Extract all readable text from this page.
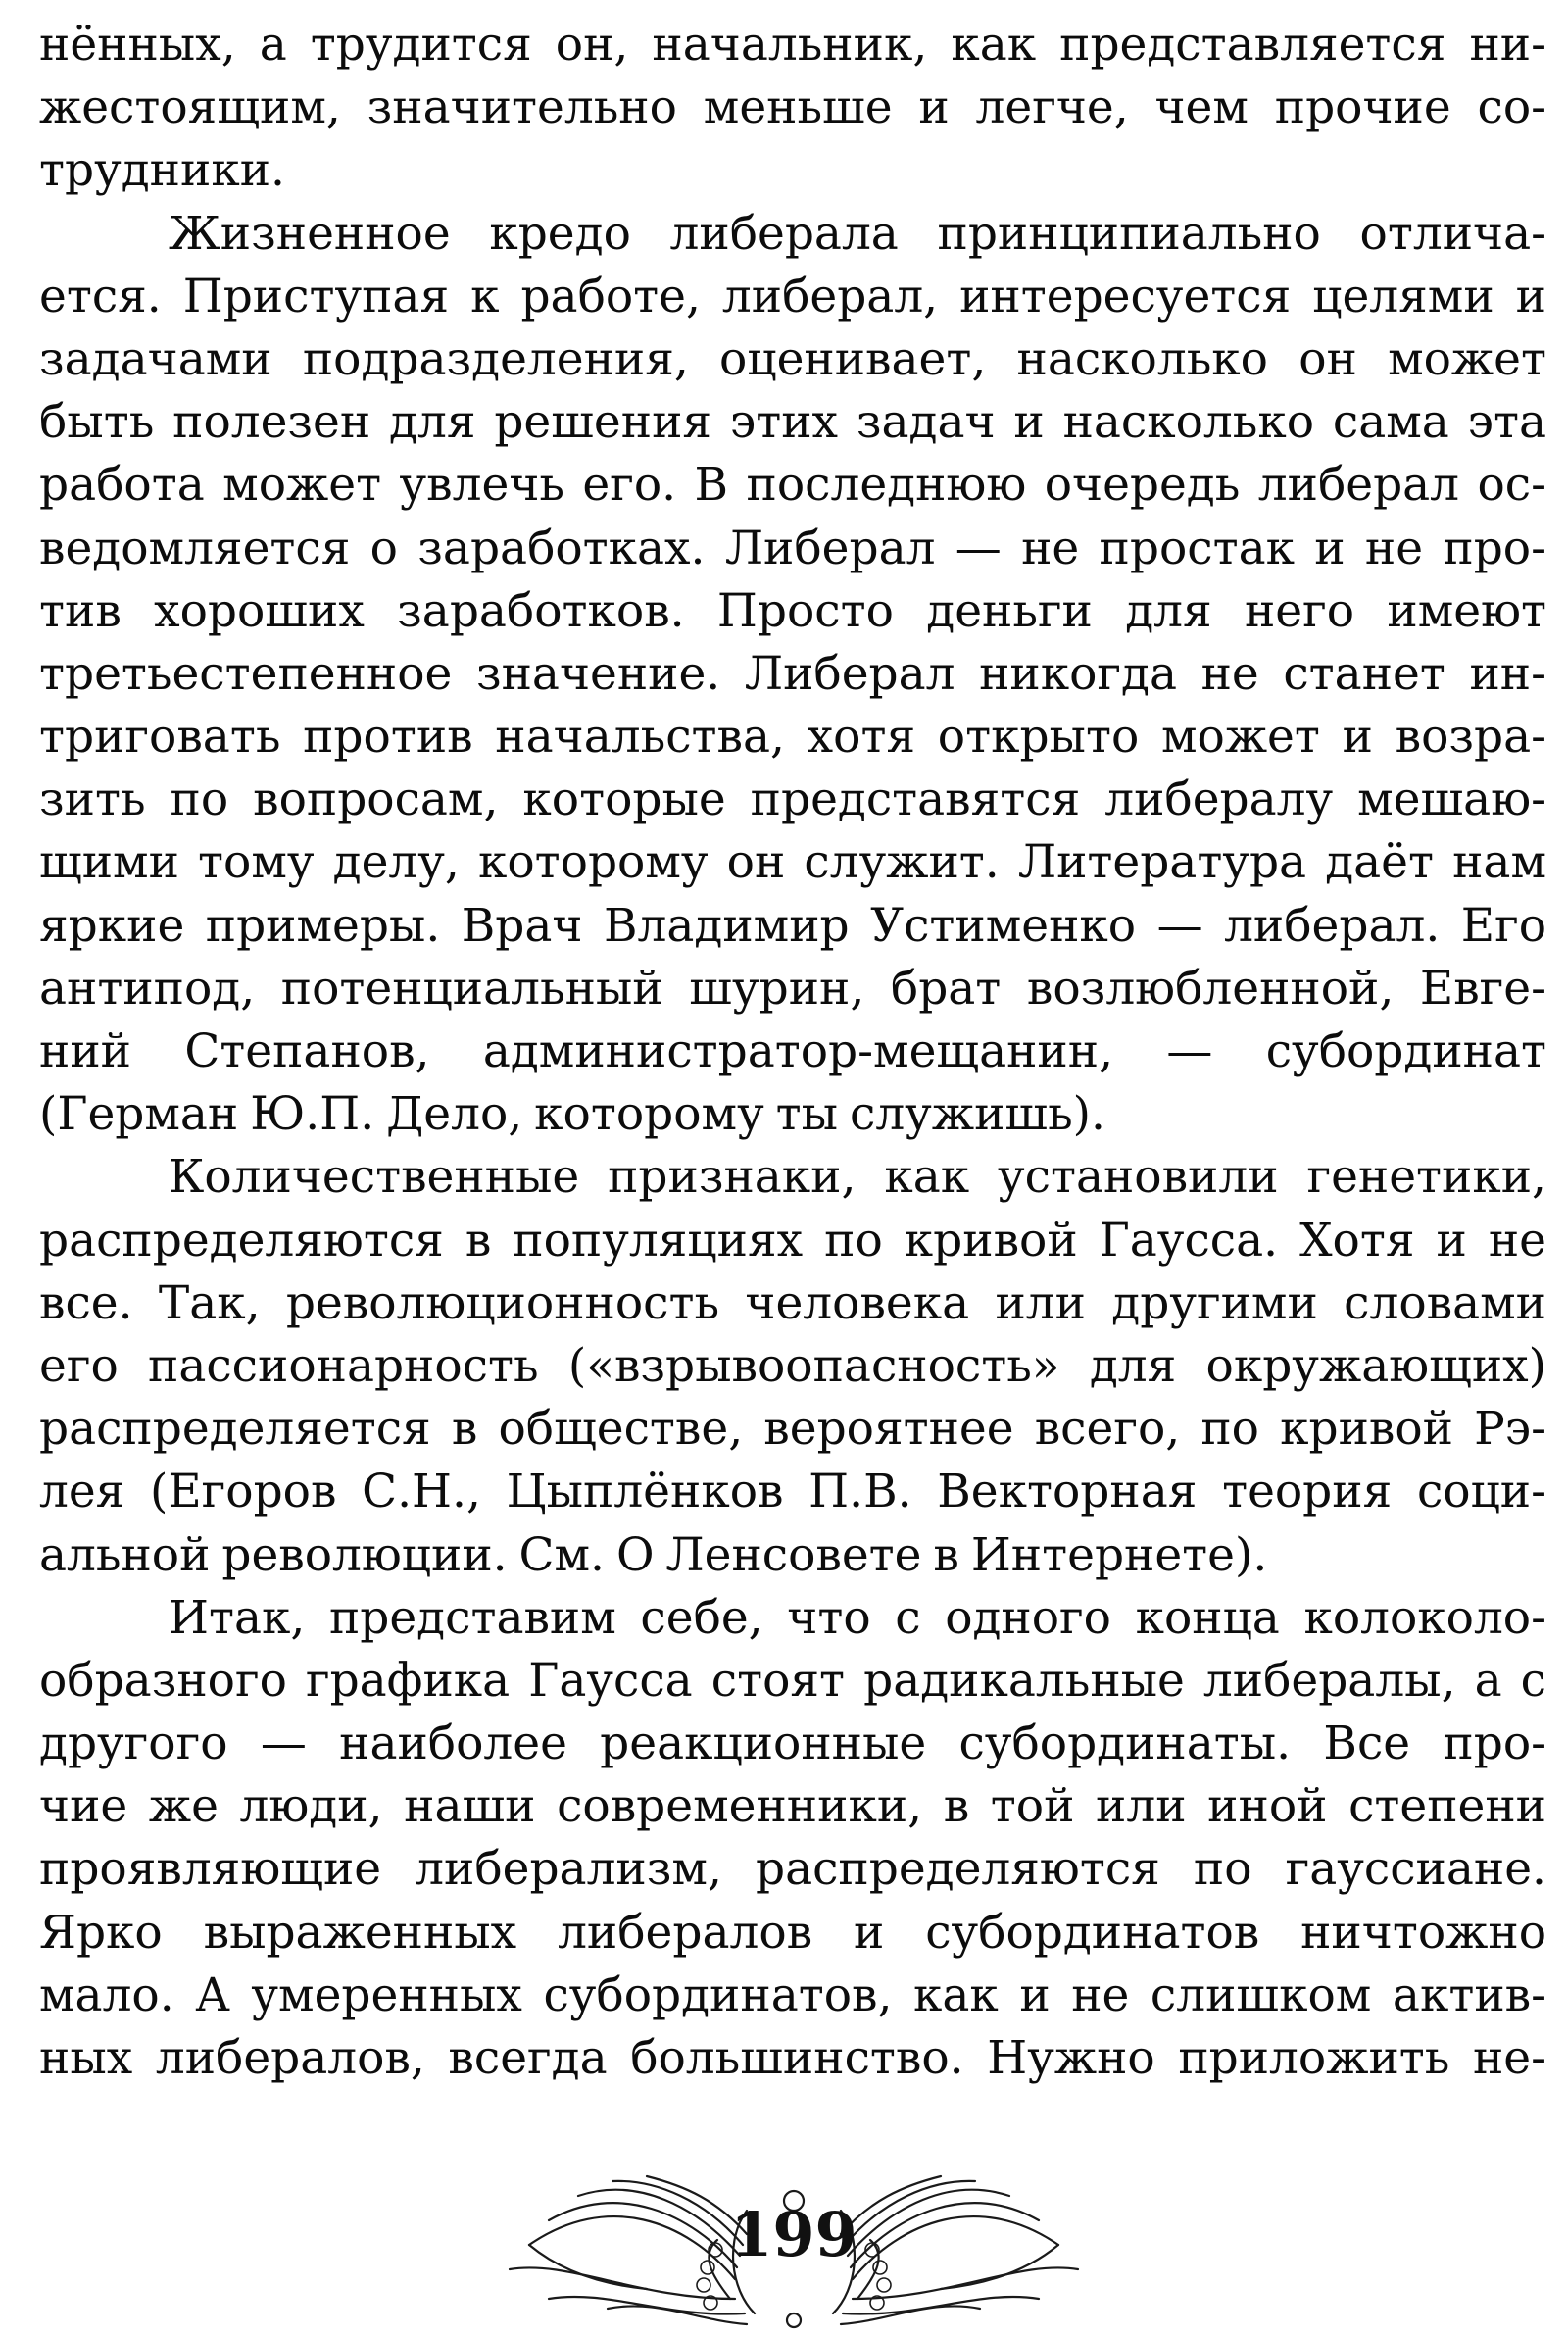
нённых, а трудится он, начальник, как представляется ни-
жестоящим, значительно меньше и легче, чем прочие со-
трудники.
Жизненное кредо либерала принципиально отлича-
ется. Приступая к работе, либерал, интересуется целями и
задачами подразделения, оценивает, насколько он может
быть полезен для решения этих задач и насколько сама эта
работа может увлечь его. В последнюю очередь либерал ос-
ведомляется о заработках. Либерал — не простак и не про-
тив хороших заработков. Просто деньги для него имеют
третьестепенное значение. Либерал никогда не станет ин-
триговать против начальства, хотя открыто может и возра-
зить по вопросам, которые представятся либералу мешаю-
щими тому делу, которому он служит. Литература даёт нам
яркие примеры. Врач Владимир Устименко — либерал. Его
антипод, потенциальный шурин, брат возлюбленной, Евге-
ний Степанов, администратор-мещанин, — субординат
(Герман Ю.П. Дело, которому ты служишь).
Количественные признаки, как установили генетики,
распределяются в популяциях по кривой Гаусса. Хотя и не
все. Так, революционность человека или другими словами
его пассионарность («взрывоопасность» для окружающих)
распределяется в обществе, вероятнее всего, по кривой Рэ-
лея (Егоров С.Н., Цыплёнков П.В. Векторная теория соци-
альной революции. См. О Ленсовете в Интернете).
Итак, представим себе, что с одного конца колоколо-
образного графика Гаусса стоят радикальные либералы, а с
другого — наиболее реакционные субординаты. Все про-
чие же люди, наши современники, в той или иной степени
проявляющие либерализм, распределяются по гауссиане.
Ярко выраженных либералов и субординатов ничтожно
мало. А умеренных субординатов, как и не слишком актив-
ных либералов, всегда большинство. Нужно приложить не-
199
